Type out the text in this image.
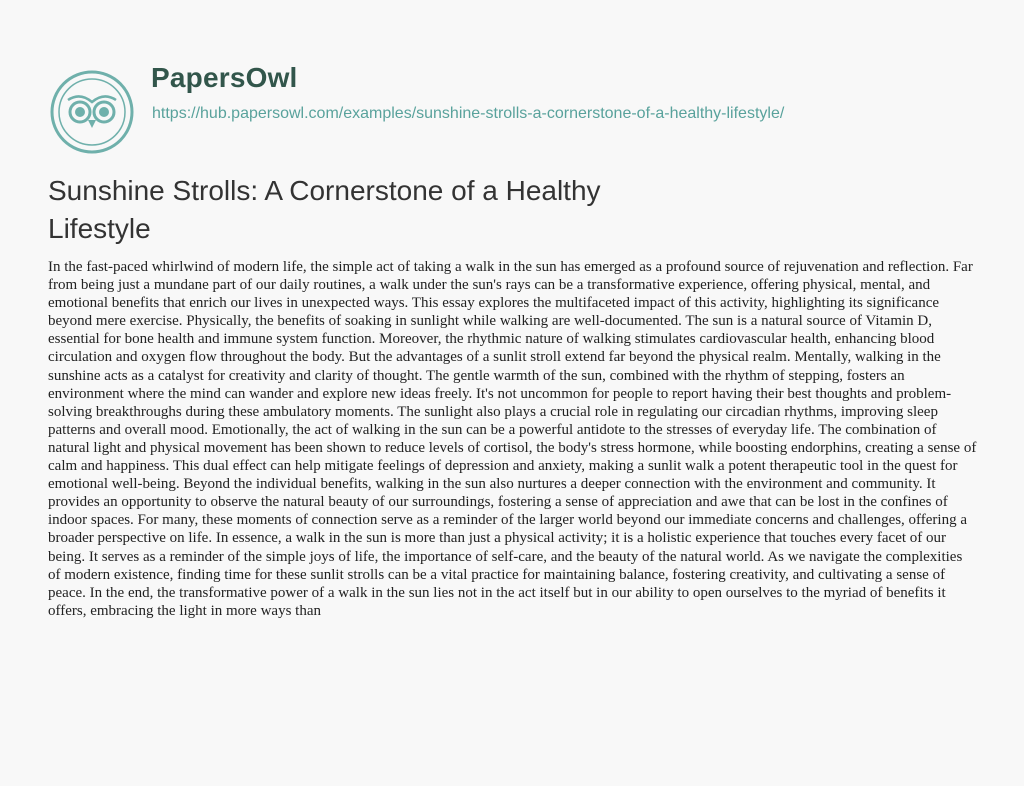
PapersOwl
https://hub.papersowl.com/examples/sunshine-strolls-a-cornerstone-of-a-healthy-lifestyle/
Sunshine Strolls: A Cornerstone of a Healthy Lifestyle

In the fast-paced whirlwind of modern life, the simple act of taking a walk in the sun has emerged as a profound source of rejuvenation and reflection. Far from being just a mundane part of our daily routines, a walk under the sun's rays can be a transformative experience, offering physical, mental, and emotional benefits that enrich our lives in unexpected ways. This essay explores the multifaceted impact of this activity, highlighting its significance beyond mere exercise. Physically, the benefits of soaking in sunlight while walking are well-documented. The sun is a natural source of Vitamin D, essential for bone health and immune system function. Moreover, the rhythmic nature of walking stimulates cardiovascular health, enhancing blood circulation and oxygen flow throughout the body. But the advantages of a sunlit stroll extend far beyond the physical realm. Mentally, walking in the sunshine acts as a catalyst for creativity and clarity of thought. The gentle warmth of the sun, combined with the rhythm of stepping, fosters an environment where the mind can wander and explore new ideas freely. It's not uncommon for people to report having their best thoughts and problem-solving breakthroughs during these ambulatory moments. The sunlight also plays a crucial role in regulating our circadian rhythms, improving sleep patterns and overall mood. Emotionally, the act of walking in the sun can be a powerful antidote to the stresses of everyday life. The combination of natural light and physical movement has been shown to reduce levels of cortisol, the body's stress hormone, while boosting endorphins, creating a sense of calm and happiness. This dual effect can help mitigate feelings of depression and anxiety, making a sunlit walk a potent therapeutic tool in the quest for emotional well-being. Beyond the individual benefits, walking in the sun also nurtures a deeper connection with the environment and community. It provides an opportunity to observe the natural beauty of our surroundings, fostering a sense of appreciation and awe that can be lost in the confines of indoor spaces. For many, these moments of connection serve as a reminder of the larger world beyond our immediate concerns and challenges, offering a broader perspective on life. In essence, a walk in the sun is more than just a physical activity; it is a holistic experience that touches every facet of our being. It serves as a reminder of the simple joys of life, the importance of self-care, and the beauty of the natural world. As we navigate the complexities of modern existence, finding time for these sunlit strolls can be a vital practice for maintaining balance, fostering creativity, and cultivating a sense of peace. In the end, the transformative power of a walk in the sun lies not in the act itself but in our ability to open ourselves to the myriad of benefits it offers, embracing the light in more ways than
